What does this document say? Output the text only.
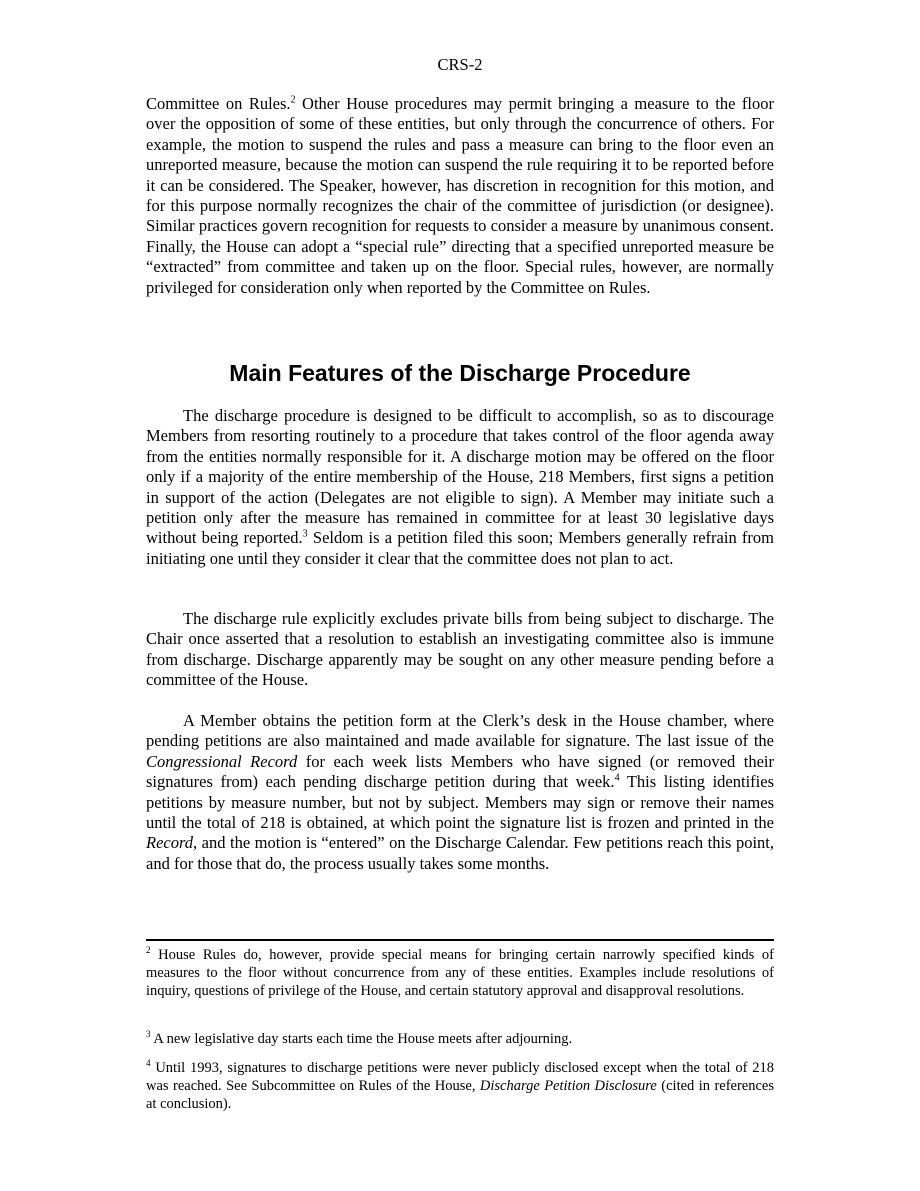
CRS-2

Committee on Rules.$^2$ Other House procedures may permit bringing a measure to the floor over the opposition of some of these entities, but only through the concurrence of others. For example, the motion to suspend the rules and pass a measure can bring to the floor even an unreported measure, because the motion can suspend the rule requiring it to be reported before it can be considered. The Speaker, however, has discretion in recognition for this motion, and for this purpose normally recognizes the chair of the committee of jurisdiction (or designee). Similar practices govern recognition for requests to consider a measure by unanimous consent. Finally, the House can adopt a “special rule” directing that a specified unreported measure be “extracted” from committee and taken up on the floor. Special rules, however, are normally privileged for consideration only when reported by the Committee on Rules.

Main Features of the Discharge Procedure

The discharge procedure is designed to be difficult to accomplish, so as to discourage Members from resorting routinely to a procedure that takes control of the floor agenda away from the entities normally responsible for it. A discharge motion may be offered on the floor only if a majority of the entire membership of the House, 218 Members, first signs a petition in support of the action (Delegates are not eligible to sign). A Member may initiate such a petition only after the measure has remained in committee for at least 30 legislative days without being reported.$^3$ Seldom is a petition filed this soon; Members generally refrain from initiating one until they consider it clear that the committee does not plan to act.

The discharge rule explicitly excludes private bills from being subject to discharge. The Chair once asserted that a resolution to establish an investigating committee also is immune from discharge. Discharge apparently may be sought on any other measure pending before a committee of the House.

A Member obtains the petition form at the Clerk’s desk in the House chamber, where pending petitions are also maintained and made available for signature. The last issue of the Congressional Record for each week lists Members who have signed (or removed their signatures from) each pending discharge petition during that week.$^4$ This listing identifies petitions by measure number, but not by subject. Members may sign or remove their names until the total of 218 is obtained, at which point the signature list is frozen and printed in the Record, and the motion is “entered” on the Discharge Calendar. Few petitions reach this point, and for those that do, the process usually takes some months.

$^2$ House Rules do, however, provide special means for bringing certain narrowly specified kinds of measures to the floor without concurrence from any of these entities. Examples include resolutions of inquiry, questions of privilege of the House, and certain statutory approval and disapproval resolutions.

$^3$ A new legislative day starts each time the House meets after adjourning.

$^4$ Until 1993, signatures to discharge petitions were never publicly disclosed except when the total of 218 was reached. See Subcommittee on Rules of the House, Discharge Petition Disclosure (cited in references at conclusion).
